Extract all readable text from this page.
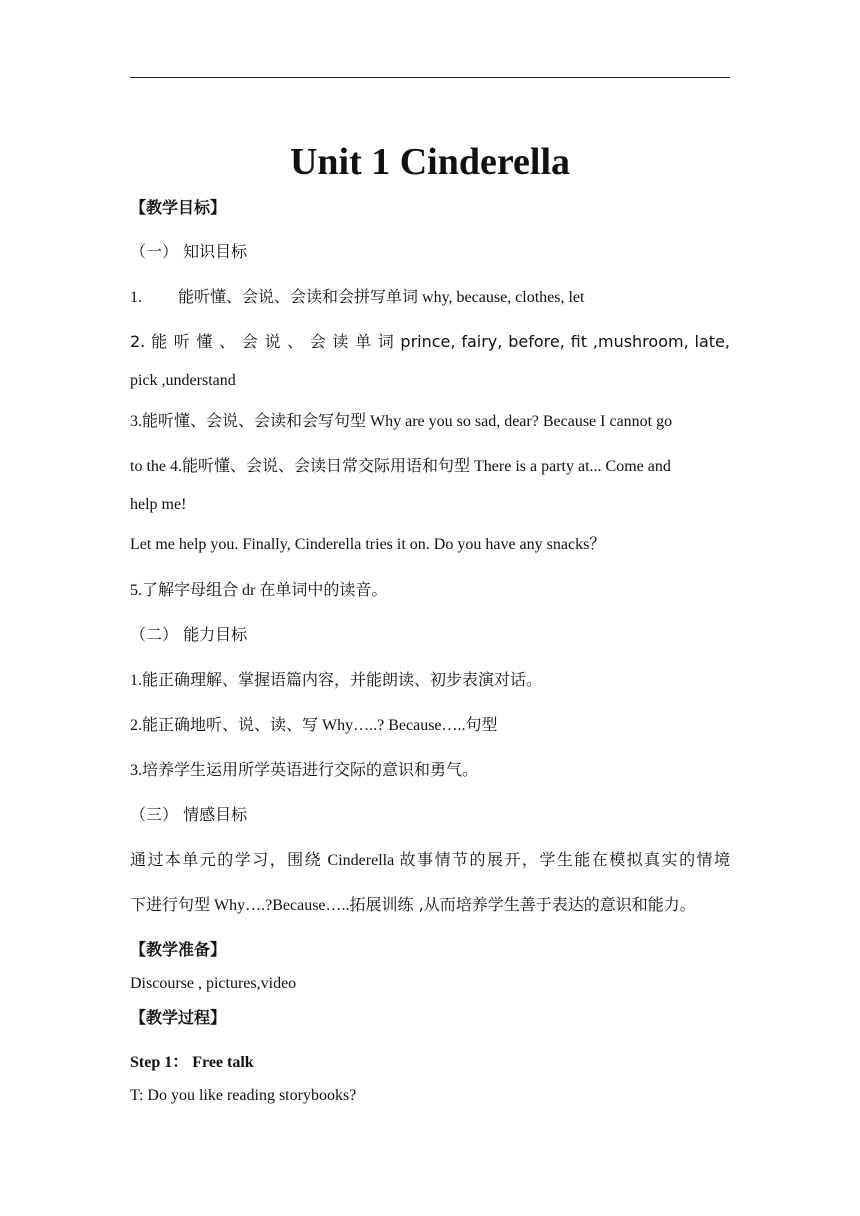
Unit 1 Cinderella
【教学目标】
（一） 知识目标
1. 能听懂、会说、会读和会拼写单词 why, because, clothes, let
2. 能 听 懂 、 会 说 、 会 读 单 词 prince, fairy, before, fit ,mushroom, late,
pick ,understand
3.能听懂、会说、会读和会写句型 Why are you so sad, dear? Because I cannot go
to the 4.能听懂、会说、会读日常交际用语和句型 There is a party at... Come and
help me!
Let me help you. Finally, Cinderella tries it on. Do you have any snacks？
5.了解字母组合 dr 在单词中的读音。
（二） 能力目标
1.能正确理解、掌握语篇内容，并能朗读、初步表演对话。
2.能正确地听、说、读、写 Why…..? Because…..句型
3.培养学生运用所学英语进行交际的意识和勇气。
（三） 情感目标
通过本单元的学习，围绕 Cinderella 故事情节的展开，学生能在模拟真实的情境
下进行句型 Why….?Because…..拓展训练 ,从而培养学生善于表达的意识和能力。
【教学准备】
Discourse , pictures,video
【教学过程】
Step 1： Free talk
T: Do you like reading storybooks?
